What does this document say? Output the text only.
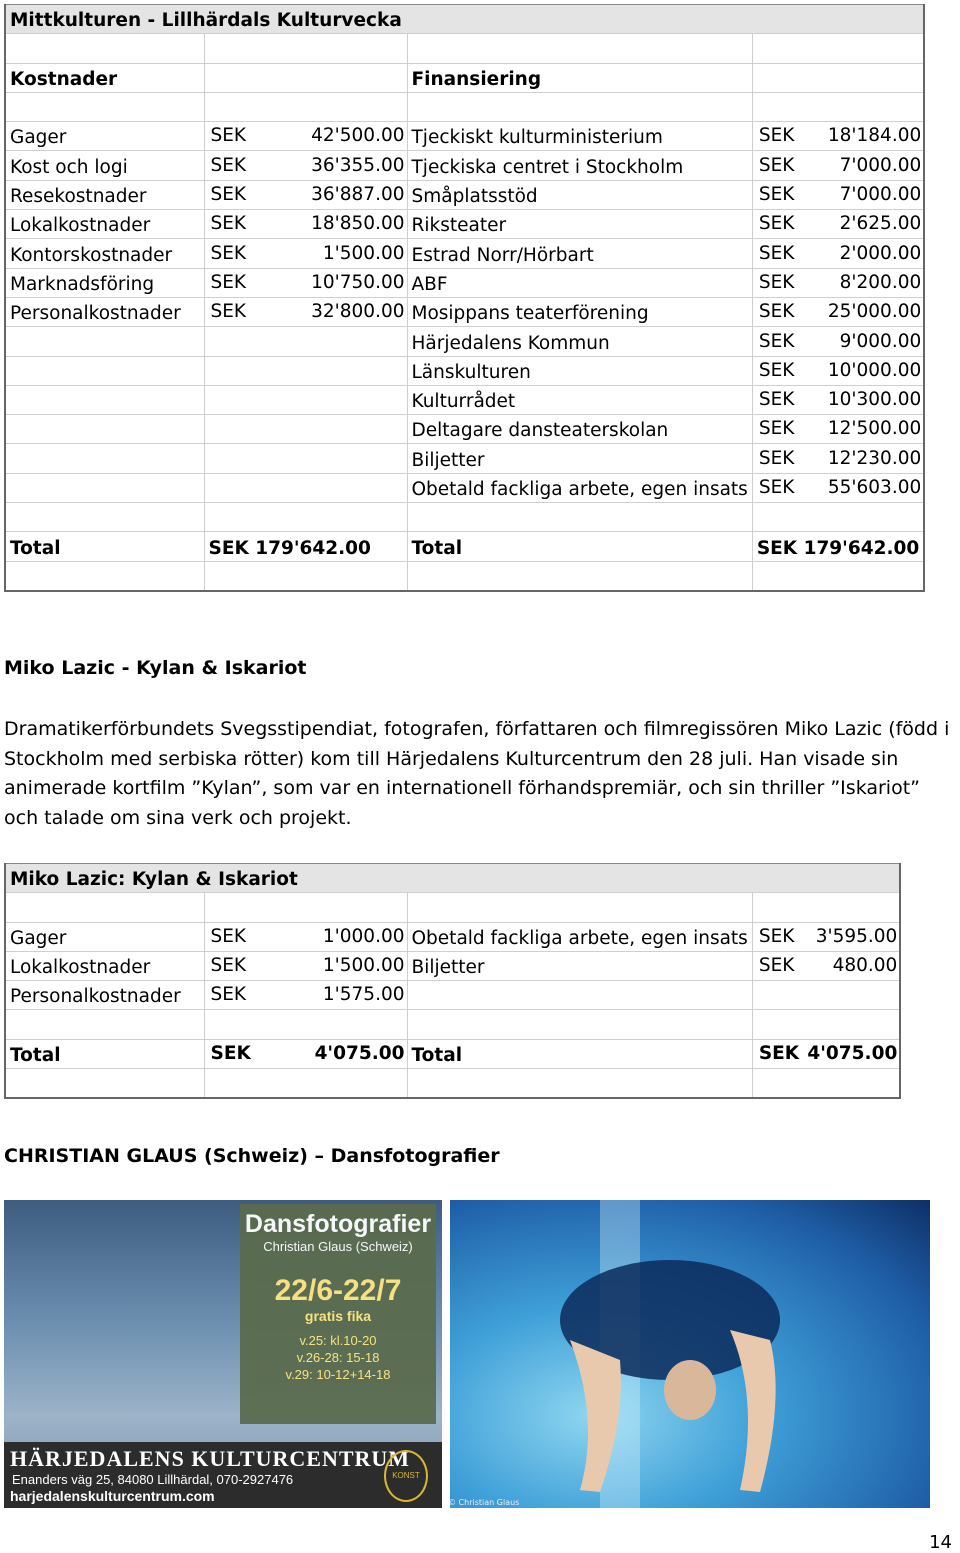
Mittkulturen - Lillhärdals Kulturvecka			

Kostnader		Finansiering	

Gager	SEK 42'500.00	Tjeckiskt kulturministerium	SEK 18'184.00

Kost och logi	SEK 36'355.00	Tjeckiska centret i Stockholm	SEK 7'000.00

Resekostnader	SEK 36'887.00	Småplatsstöd	SEK 7'000.00

Lokalkostnader	SEK 18'850.00	Riksteater	SEK 2'625.00

Kontorskostnader	SEK 1'500.00	Estrad Norr/Hörbart	SEK 2'000.00

Marknadsföring	SEK 10'750.00	ABF	SEK 8'200.00

Personalkostnader	SEK 32'800.00	Mosippans teaterförening	SEK 25'000.00

		Härjedalens Kommun	SEK 9'000.00

		Länskulturen	SEK 10'000.00

		Kulturrådet	SEK 10'300.00

		Deltagare dansteaterskolan	SEK 12'500.00

		Biljetter	SEK 12'230.00

		Obetald fackliga arbete, egen insats	SEK 55'603.00

Total	SEK 179'642.00	Total	SEK 179'642.00

Miko Lazic - Kylan & Iskariot
Dramatikerförbundets Svegsstipendiat, fotografen, författaren och filmregissören Miko Lazic (född i Stockholm med serbiska rötter) kom till Härjedalens Kulturcentrum den 28 juli. Han visade sin animerade kortfilm ”Kylan”, som var en internationell förhandspremiär, och sin thriller ”Iskariot” och talade om sina verk och projekt.
Miko Lazic: Kylan & Iskariot			

Gager	SEK 1'000.00	Obetald fackliga arbete, egen insats	SEK 3'595.00

Lokalkostnader	SEK 1'500.00	Biljetter	SEK 480.00

Personalkostnader	SEK 1'575.00		

Total	SEK 4'075.00	Total	SEK 4'075.00

CHRISTIAN GLAUS (Schweiz) – Dansfotografier
Dansfotografier
Christian Glaus (Schweiz)
22/6-22/7
gratis fika
v.25: kl.10-20
v.26-28: 15-18
v.29: 10-12+14-18
HÄRJEDALENS KULTURCENTRUM
Enanders väg 25, 84080 Lillhärdal, 070-2927476
harjedalenskulturcentrum.com
KONST
© Christian Glaus
14
